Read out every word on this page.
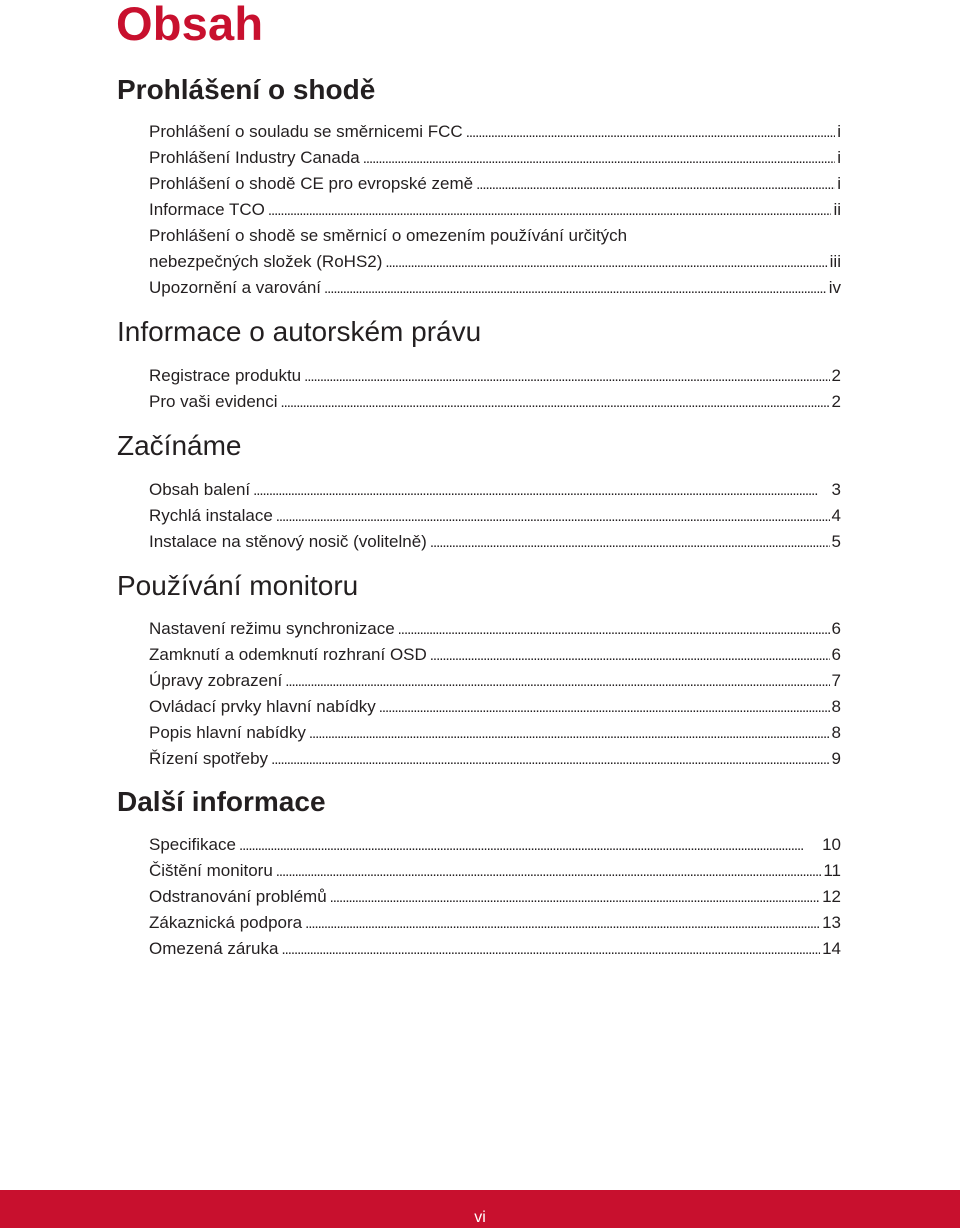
Obsah
Prohlášení o shodě
Prohlášení o souladu se směrnicemi FCC . . .	i
Prohlášení Industry Canada . . .	i
Prohlášení o shodě CE pro evropské země . . .	i
Informace TCO . . .	ii
Prohlášení o shodě se směrnicí o omezením používání určitých
nebezpečných složek (RoHS2) . . .	iii
Upozornění a varování . . .	iv
Informace o autorském právu
Registrace produktu . . .	2
Pro vaši evidenci . . .	2
Začínáme
Obsah balení . . .	3
Rychlá instalace . . .	4
Instalace na stěnový nosič (volitelně) . . .	5
Používání monitoru
Nastavení režimu synchronizace . . .	6
Zamknutí a odemknutí rozhraní OSD . . .	6
Úpravy zobrazení . . .	7
Ovládací prvky hlavní nabídky . . .	8
Popis hlavní nabídky . . .	8
Řízení spotřeby . . .	9
Další informace
Specifikace . . .	10
Čištění monitoru . . .	11
Odstranování problémů . . .	12
Zákaznická podpora . . .	13
Omezená záruka . . .	14
vi
